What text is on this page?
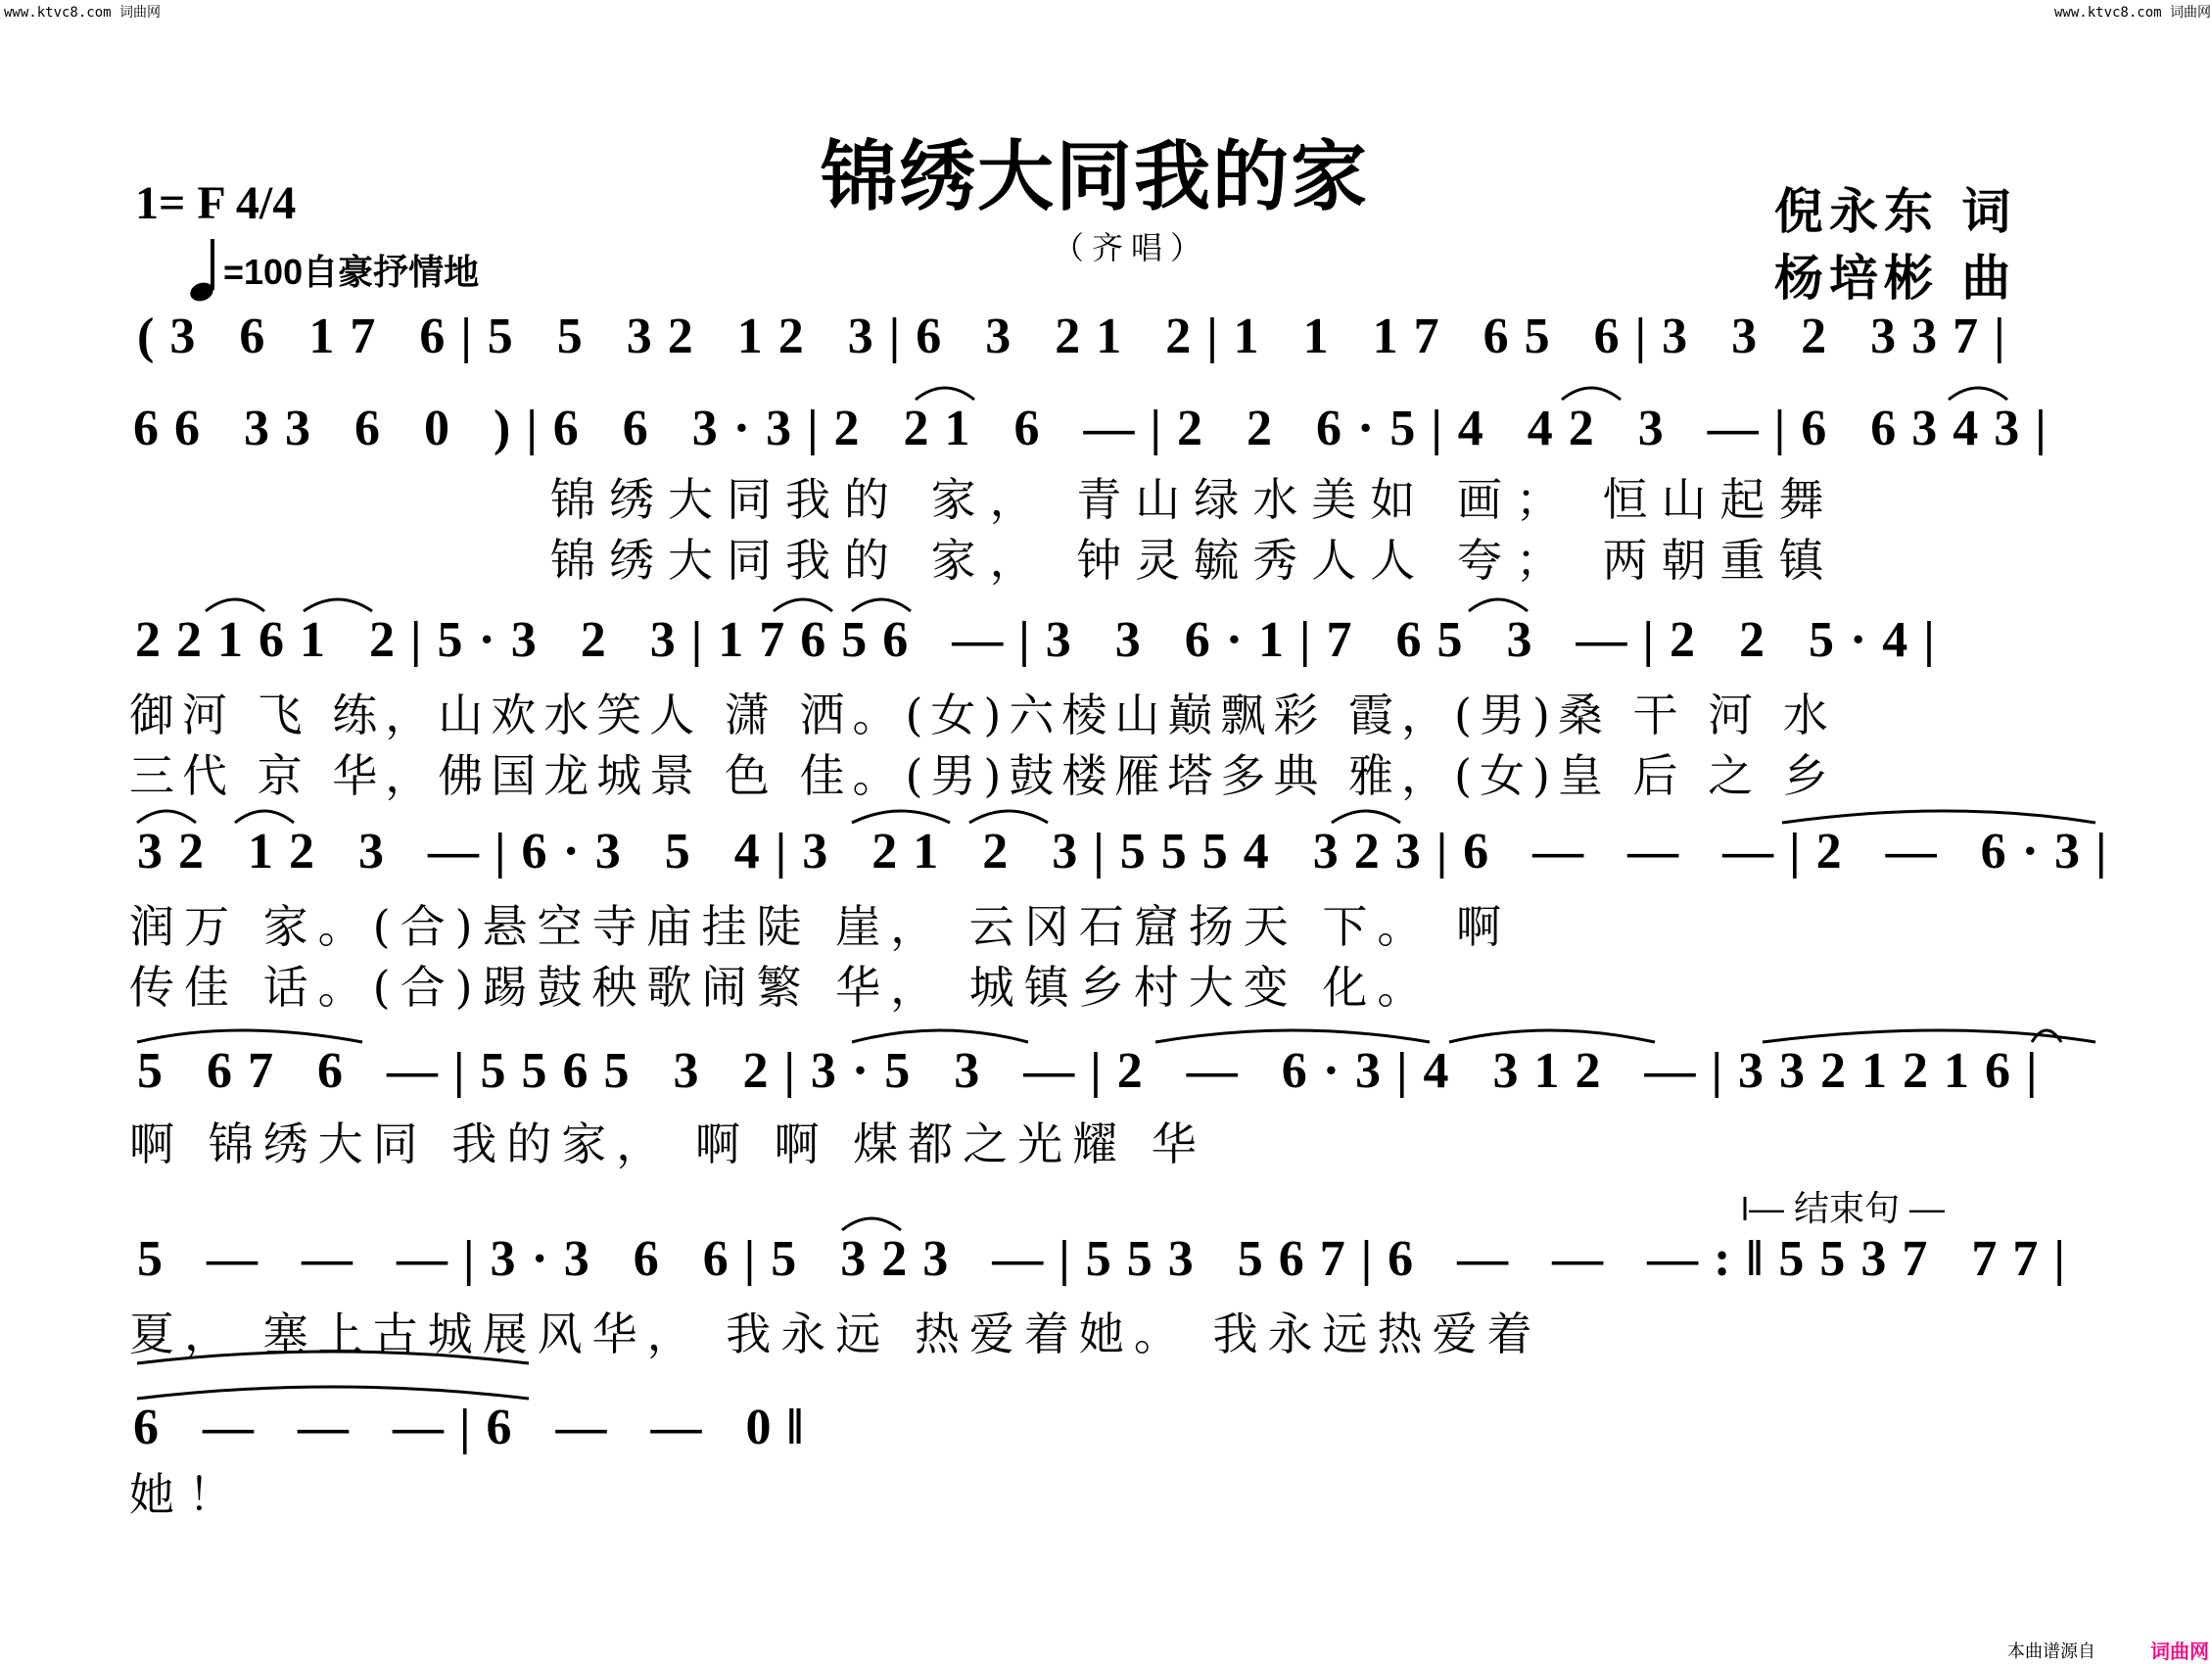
www.ktvc8.com 词曲网	www.ktvc8.com 词曲网
锦绣大同我的家
（齐唱）
1= F 4/4
=100自豪抒情地
倪永东 词
杨培彬 曲
(3 6 17 6|5 5 32 12 3|6 3 21 2|1 1 17 65 6|3 3 2 337|
66 33 6 0 )|6 6 3·3|2 21 6 —|2 2 6·5|4 42 3 —|6 6343|
锦绣大同我的 家， 青山绿水美如 画； 恒山起舞
锦绣大同我的 家， 钟灵毓秀人人 夸； 两朝重镇
22161 2|5·3 2 3|17656 —|3 3 6·1|7 65 3 —|2 2 5·4|
御河 飞 练，山欢水笑人 潇 洒。(女)六棱山巅飘彩 霞，(男)桑 干 河 水
三代 京 华，佛国龙城景 色 佳。(男)鼓楼雁塔多典 雅，(女)皇 后 之 乡
32 12 3 —|6·3 5 4|3 21 2 3|5554 323|6 — — —|2 — 6·3|
润万 家。(合)悬空寺庙挂陡 崖， 云冈石窟扬天 下。 啊
传佳 话。(合)踢鼓秧歌闹繁 华， 城镇乡村大变 化。
5 67 6 —|5565 3 2|3·5 3 —|2 — 6·3|4 312 —|3321216|
啊 锦绣大同 我的家， 啊 啊 煤都之光耀 华
— 结束句 —
5 — — —|3·3 6 6|5 323 —|553 567|6 — — —:‖5537 77|
夏， 塞上古城展风华， 我永远 热爱着她。 我永远热爱着
6 — — —|6 — — 0‖
她！
本曲谱源自	词曲网
